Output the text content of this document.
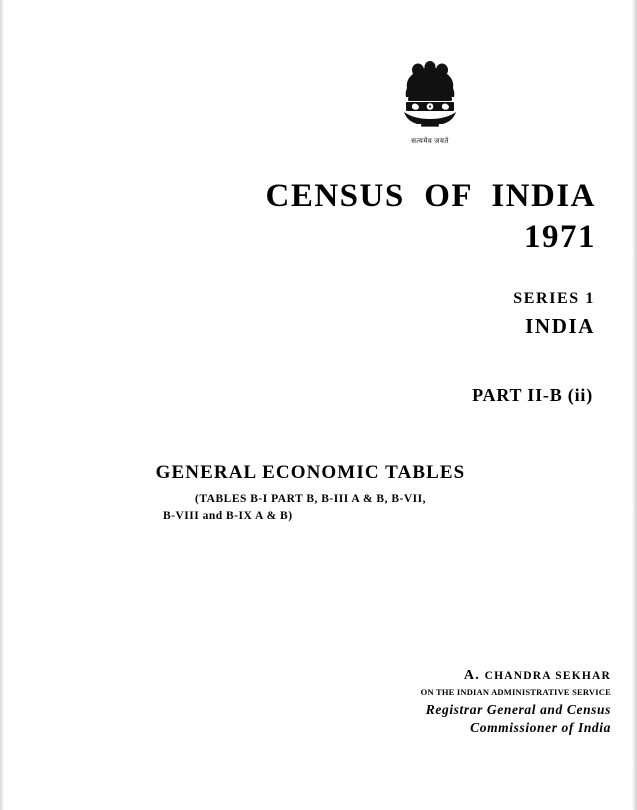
सत्यमेव जयते
CENSUS  OF  INDIA
1971
SERIES 1
INDIA
PART II-B (ii)
GENERAL ECONOMIC TABLES
(TABLES B-I PART B, B-III A & B, B-VII,
B-VIII and B-IX A & B)
A. CHANDRA SEKHAR
ON THE INDIAN ADMINISTRATIVE SERVICE
Registrar General and Census
Commissioner of India
